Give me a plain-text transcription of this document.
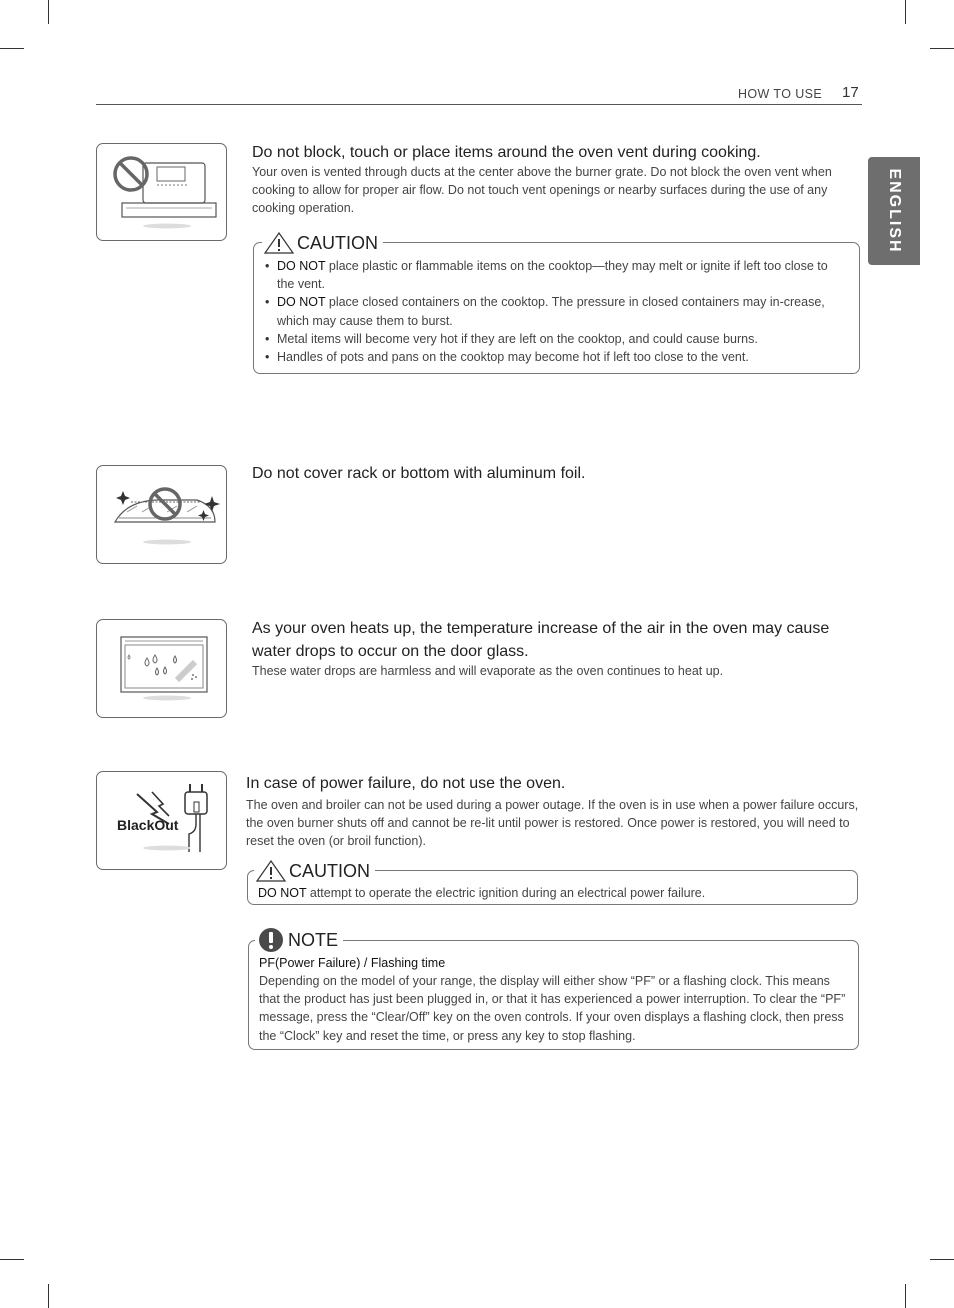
HOW TO USE 17
ENGLISH
Do not block, touch or place items around the oven vent during cooking.

Your oven is vented through ducts at the center above the burner grate. Do not block the oven vent when cooking to allow for proper air flow. Do not touch vent openings or nearby surfaces during the use of any cooking operation.

CAUTION
• DO NOT place plastic or flammable items on the cooktop—they may melt or ignite if left too close to the vent.
• DO NOT place closed containers on the cooktop. The pressure in closed containers may in-crease, which may cause them to burst.
• Metal items will become very hot if they are left on the cooktop, and could cause burns.
• Handles of pots and pans on the cooktop may become hot if left too close to the vent.
Do not cover rack or bottom with aluminum foil.
As your oven heats up, the temperature increase of the air in the oven may cause water drops to occur on the door glass.

These water drops are harmless and will evaporate as the oven continues to heat up.

BlackOut
In case of power failure, do not use the oven.

The oven and broiler can not be used during a power outage. If the oven is in use when a power failure occurs, the oven burner shuts off and cannot be re-lit until power is restored. Once power is restored, you will need to reset the oven (or broil function).

CAUTION

DO NOT attempt to operate the electric ignition during an electrical power failure.

NOTE

PF(Power Failure) / Flashing time

Depending on the model of your range, the display will either show “PF” or a flashing clock. This means that the product has just been plugged in, or that it has experienced a power interruption. To clear the “PF” message, press the “Clear/Off” key on the oven controls. If your oven displays a flashing clock, then press the “Clock” key and reset the time, or press any key to stop flashing.
